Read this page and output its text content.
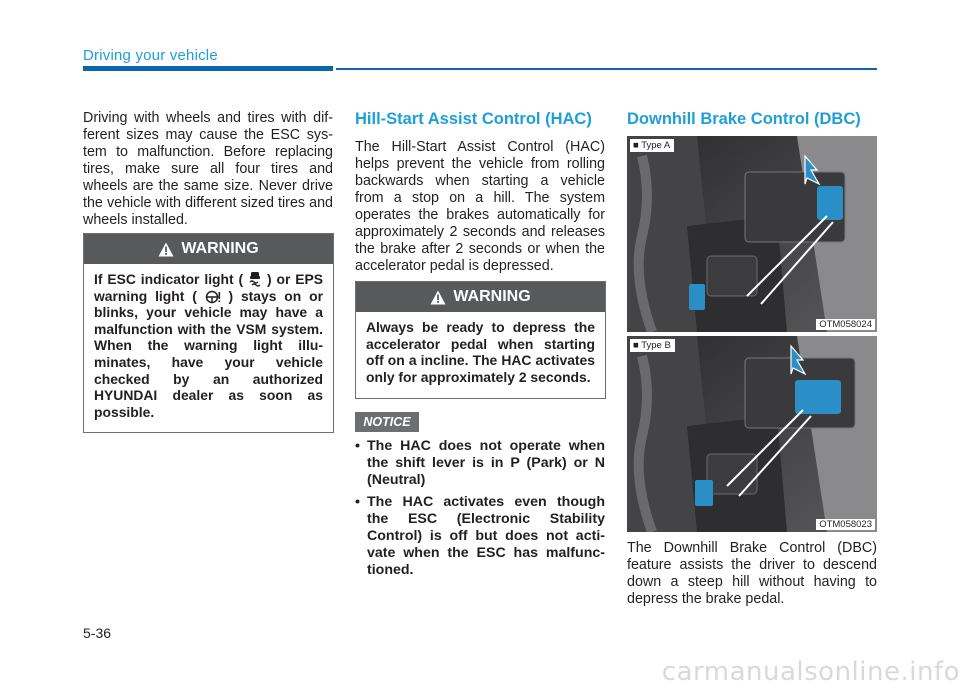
Driving your vehicle

Driving with wheels and tires with different sizes may cause the ESC system to malfunction. Before replacing tires, make sure all four tires and wheels are the same size. Never drive the vehicle with different sized tires and wheels installed.

WARNING
If ESC indicator light ( ) or EPS warning light ( ) stays on or blinks, your vehicle may have a malfunction with the VSM system. When the warning light illuminates, have your vehicle checked by an authorized HYUNDAI dealer as soon as possible.
Hill-Start Assist Control (HAC)

The Hill-Start Assist Control (HAC) helps prevent the vehicle from rolling backwards when starting a vehicle from a stop on a hill. The system operates the brakes automatically for approximately 2 seconds and releases the brake after 2 seconds or when the accelerator pedal is depressed.

WARNING
Always be ready to depress the accelerator pedal when starting off on a incline. The HAC activates only for approximately 2 seconds.
NOTICE
• The HAC does not operate when the shift lever is in P (Park) or N (Neutral)
• The HAC activates even though the ESC (Electronic Stability Control) is off but does not activate when the ESC has malfunctioned.
Downhill Brake Control (DBC)
■ Type A
OTM058024
■ Type B
OTM058023

The Downhill Brake Control (DBC) feature assists the driver to descend down a steep hill without having to depress the brake pedal.

5-36
carmanualsonline.info
